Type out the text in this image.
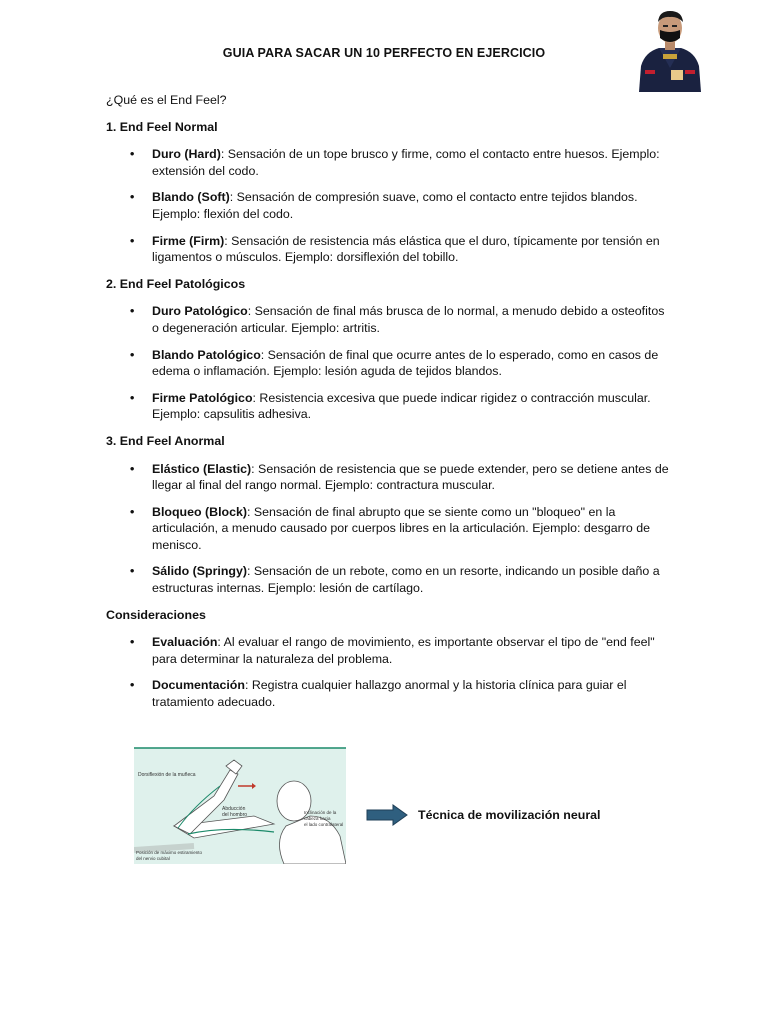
GUIA PARA SACAR UN 10 PERFECTO EN EJERCICIO

¿Qué es el End Feel?

1. End Feel Normal

• Duro (Hard): Sensación de un tope brusco y firme, como el contacto entre huesos. Ejemplo: extensión del codo.
• Blando (Soft): Sensación de compresión suave, como el contacto entre tejidos blandos. Ejemplo: flexión del codo.
• Firme (Firm): Sensación de resistencia más elástica que el duro, típicamente por tensión en ligamentos o músculos. Ejemplo: dorsiflexión del tobillo.

2. End Feel Patológicos

• Duro Patológico: Sensación de final más brusca de lo normal, a menudo debido a osteofitos o degeneración articular. Ejemplo: artritis.
• Blando Patológico: Sensación de final que ocurre antes de lo esperado, como en casos de edema o inflamación. Ejemplo: lesión aguda de tejidos blandos.
• Firme Patológico: Resistencia excesiva que puede indicar rigidez o contracción muscular. Ejemplo: capsulitis adhesiva.

3. End Feel Anormal

• Elástico (Elastic): Sensación de resistencia que se puede extender, pero se detiene antes de llegar al final del rango normal. Ejemplo: contractura muscular.
• Bloqueo (Block): Sensación de final abrupto que se siente como un "bloqueo" en la articulación, a menudo causado por cuerpos libres en la articulación. Ejemplo: desgarro de menisco.
• Sálido (Springy): Sensación de un rebote, como en un resorte, indicando un posible daño a estructuras internas. Ejemplo: lesión de cartílago.

Consideraciones

• Evaluación: Al evaluar el rango de movimiento, es importante observar el tipo de "end feel" para determinar la naturaleza del problema.
• Documentación: Registra cualquier hallazgo anormal y la historia clínica para guiar el tratamiento adecuado.
Dorsiflexión de la muñeca
Abducción
del hombro	Inclinación de la
cabeza hacia
el lado contralateral
Posición de máximo estiramiento
del nervio cubital
Técnica de movilización neural
